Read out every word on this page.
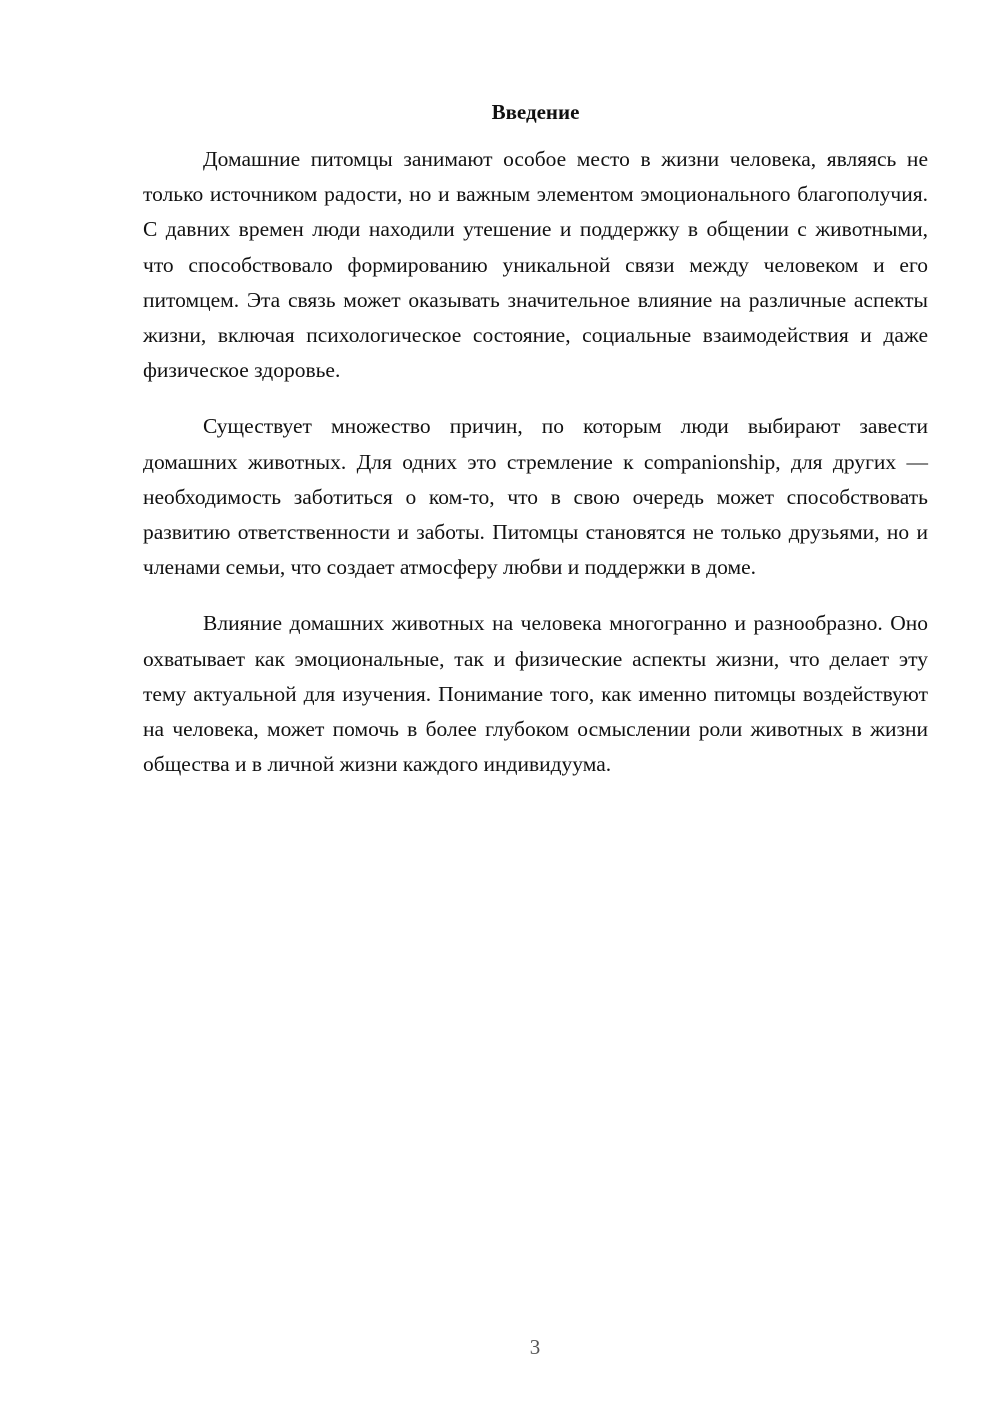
Введение

Домашние питомцы занимают особое место в жизни человека, являясь не только источником радости, но и важным элементом эмоционального благополучия. С давних времен люди находили утешение и поддержку в общении с животными, что способствовало формированию уникальной связи между человеком и его питомцем. Эта связь может оказывать значительное влияние на различные аспекты жизни, включая психологическое состояние, социальные взаимодействия и даже физическое здоровье.

Существует множество причин, по которым люди выбирают завести домашних животных. Для одних это стремление к companionship, для других — необходимость заботиться о ком-то, что в свою очередь может способствовать развитию ответственности и заботы. Питомцы становятся не только друзьями, но и членами семьи, что создает атмосферу любви и поддержки в доме.

Влияние домашних животных на человека многогранно и разнообразно. Оно охватывает как эмоциональные, так и физические аспекты жизни, что делает эту тему актуальной для изучения. Понимание того, как именно питомцы воздействуют на человека, может помочь в более глубоком осмыслении роли животных в жизни общества и в личной жизни каждого индивидуума.

3
